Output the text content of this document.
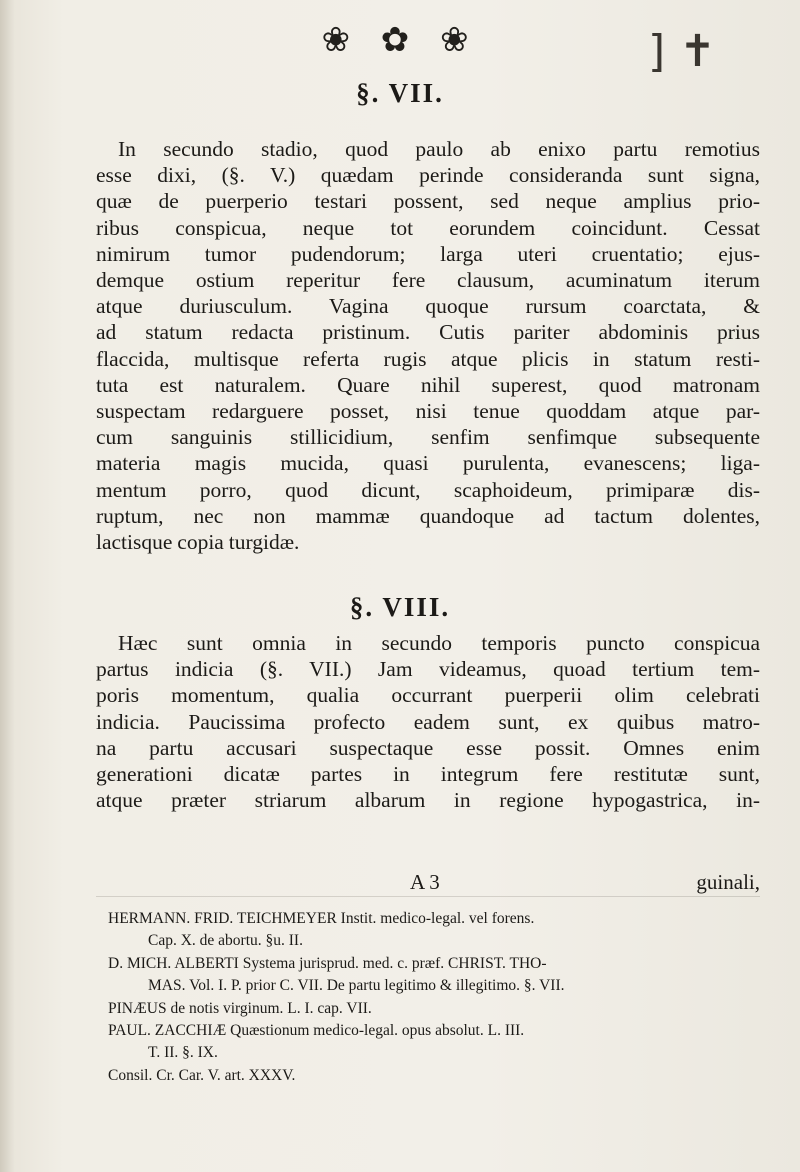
❀ ✿ ❀	] ✝
§. VII.
In secundo stadio, quod paulo ab enixo partu remotius
esse dixi, (§. V.) quædam perinde consideranda sunt signa,
quæ de puerperio testari possent, sed neque amplius prio-
ribus conspicua, neque tot eorundem coincidunt. Cessat
nimirum tumor pudendorum; larga uteri cruentatio; ejus-
demque ostium reperitur fere clausum, acuminatum iterum
atque duriusculum. Vagina quoque rursum coarctata, &
ad statum redacta pristinum. Cutis pariter abdominis prius
flaccida, multisque referta rugis atque plicis in statum resti-
tuta est naturalem. Quare nihil superest, quod matronam
suspectam redarguere posset, nisi tenue quoddam atque par-
cum sanguinis stillicidium, senfim senfimque subsequente
materia magis mucida, quasi purulenta, evanescens; liga-
mentum porro, quod dicunt, scaphoideum, primiparæ dis-
ruptum, nec non mammæ quandoque ad tactum dolentes,
lactisque copia turgidæ.
§. VIII.
Hæc sunt omnia in secundo temporis puncto conspicua
partus indicia (§. VII.) Jam videamus, quoad tertium tem-
poris momentum, qualia occurrant puerperii olim celebrati
indicia. Paucissima profecto eadem sunt, ex quibus matro-
na partu accusari suspectaque esse possit. Omnes enim
generationi dicatæ partes in integrum fere restitutæ sunt,
atque præter striarum albarum in regione hypogastrica, in-
A 3	guinali,
HERMANN. FRID. TEICHMEYER Instit. medico-legal. vel forens.
Cap. X. de abortu. §u. II.
D. MICH. ALBERTI Systema jurisprud. med. c. præf. CHRIST. THO-
MAS. Vol. I. P. prior C. VII. De partu legitimo & illegitimo. §. VII.
PINÆUS de notis virginum. L. I. cap. VII.
PAUL. ZACCHIÆ Quæstionum medico-legal. opus absolut. L. III.
T. II. §. IX.
Consil. Cr. Car. V. art. XXXV.
